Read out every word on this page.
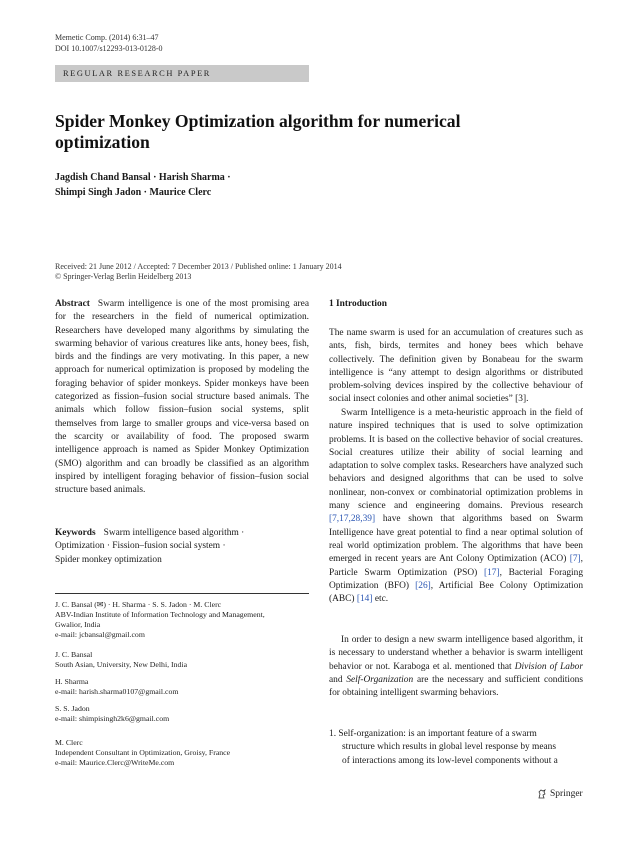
Memetic Comp. (2014) 6:31–47
DOI 10.1007/s12293-013-0128-0
REGULAR RESEARCH PAPER
Spider Monkey Optimization algorithm for numerical
optimization
Jagdish Chand Bansal · Harish Sharma ·
Shimpi Singh Jadon · Maurice Clerc
Received: 21 June 2012 / Accepted: 7 December 2013 / Published online: 1 January 2014
© Springer-Verlag Berlin Heidelberg 2013
Abstract Swarm intelligence is one of the most promising area for the researchers in the field of numerical optimization. Researchers have developed many algorithms by simulating the swarming behavior of various creatures like ants, honey bees, fish, birds and the findings are very motivating. In this paper, a new approach for numerical optimization is proposed by modeling the foraging behavior of spider monkeys. Spider monkeys have been categorized as fission–fusion social structure based animals. The animals which follow fission–fusion social systems, split themselves from large to smaller groups and vice-versa based on the scarcity or availability of food. The proposed swarm intelligence approach is named as Spider Monkey Optimization (SMO) algorithm and can broadly be classified as an algorithm inspired by intelligent foraging behavior of fission–fusion social structure based animals.
Keywords Swarm intelligence based algorithm ·
Optimization · Fission–fusion social system ·
Spider monkey optimization
J. C. Bansal (✉) · H. Sharma · S. S. Jadon · M. Clerc
ABV-Indian Institute of Information Technology and Management,
Gwalior, India
e-mail: jcbansal@gmail.com
J. C. Bansal
South Asian, University, New Delhi, India
H. Sharma
e-mail: harish.sharma0107@gmail.com
S. S. Jadon
e-mail: shimpisingh2k6@gmail.com
M. Clerc
Independent Consultant in Optimization, Groisy, France
e-mail: Maurice.Clerc@WriteMe.com
1 Introduction

The name swarm is used for an accumulation of creatures such as ants, fish, birds, termites and honey bees which behave collectively. The definition given by Bonabeau for the swarm intelligence is “any attempt to design algorithms or distributed problem-solving devices inspired by the collective behaviour of social insect colonies and other animal societies” [3].

Swarm Intelligence is a meta-heuristic approach in the field of nature inspired techniques that is used to solve optimization problems. It is based on the collective behavior of social creatures. Social creatures utilize their ability of social learning and adaptation to solve complex tasks. Researchers have analyzed such behaviors and designed algorithms that can be used to solve nonlinear, non-convex or combinatorial optimization problems in many science and engineering domains. Previous research [7,17,28,39] have shown that algorithms based on Swarm Intelligence have great potential to find a near optimal solution of real world optimization problem. The algorithms that have been emerged in recent years are Ant Colony Optimization (ACO) [7], Particle Swarm Optimization (PSO) [17], Bacterial Foraging Optimization (BFO) [26], Artificial Bee Colony Optimization (ABC) [14] etc.

In order to design a new swarm intelligence based algorithm, it is necessary to understand whether a behavior is swarm intelligent behavior or not. Karaboga et al. mentioned that Division of Labor and Self-Organization are the necessary and sufficient conditions for obtaining intelligent swarming behaviors.

1. Self-organization: is an important feature of a swarm
structure which results in global level response by means
of interactions among its low-level components without a
Springer
